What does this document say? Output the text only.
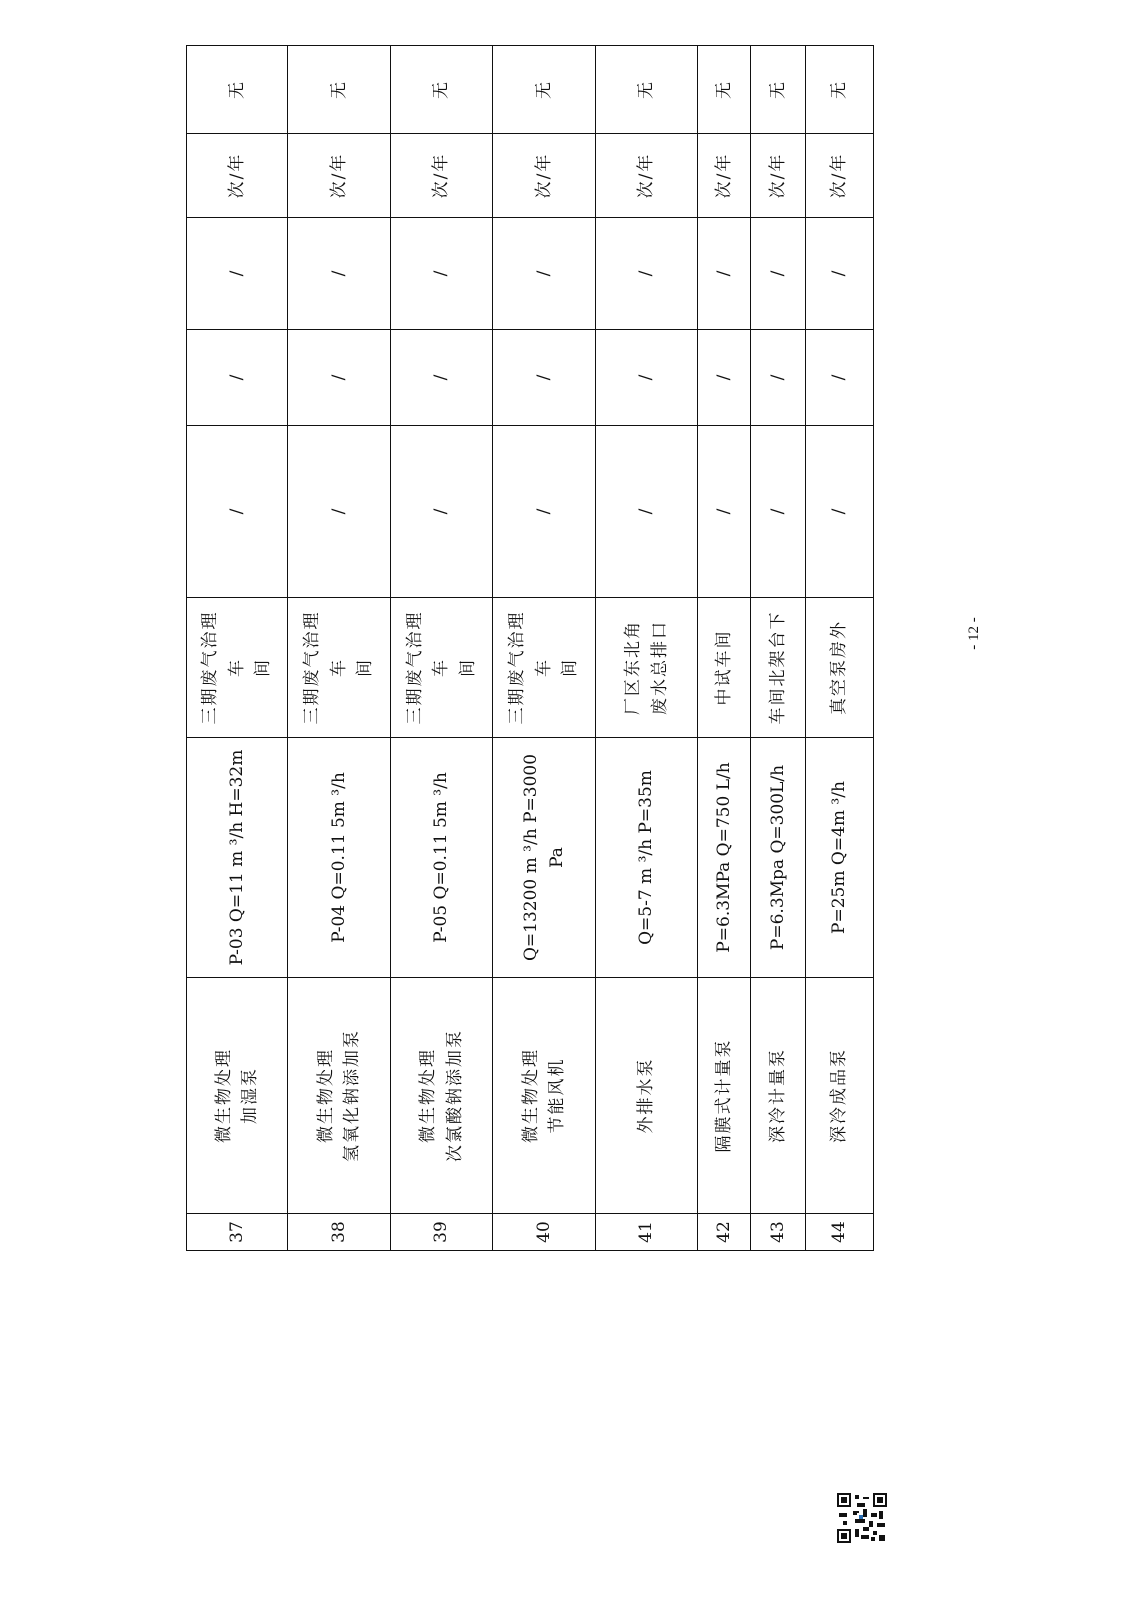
37	微生物处理 加湿泵	P-03 Q=11 m ³/h H=32m	三期废气治理车 间	/	/	/	次/年	无
38	微生物处理 氢氧化钠添加泵	P-04 Q=0.11 5m ³/h	三期废气治理车 间	/	/	/	次/年	无
39	微生物处理 次氯酸钠添加泵	P-05 Q=0.11 5m ³/h	三期废气治理车 间	/	/	/	次/年	无
40	微生物处理 节能风机	Q=13200 m ³/h P=3000 Pa	三期废气治理车 间	/	/	/	次/年	无
41	外排水泵	Q=5-7 m ³/h P=35m	厂区东北角 废水总排口	/	/	/	次/年	无
42	隔膜式计量泵	P=6.3MPa Q=750 L/h	中试车间	/	/	/	次/年	无
43	深冷计量泵	P=6.3Mpa Q=300L/h	车间北架台下	/	/	/	次/年	无
44	深冷成品泵	P=25m Q=4m ³/h	真空泵房外	/	/	/	次/年	无
- 12 -
